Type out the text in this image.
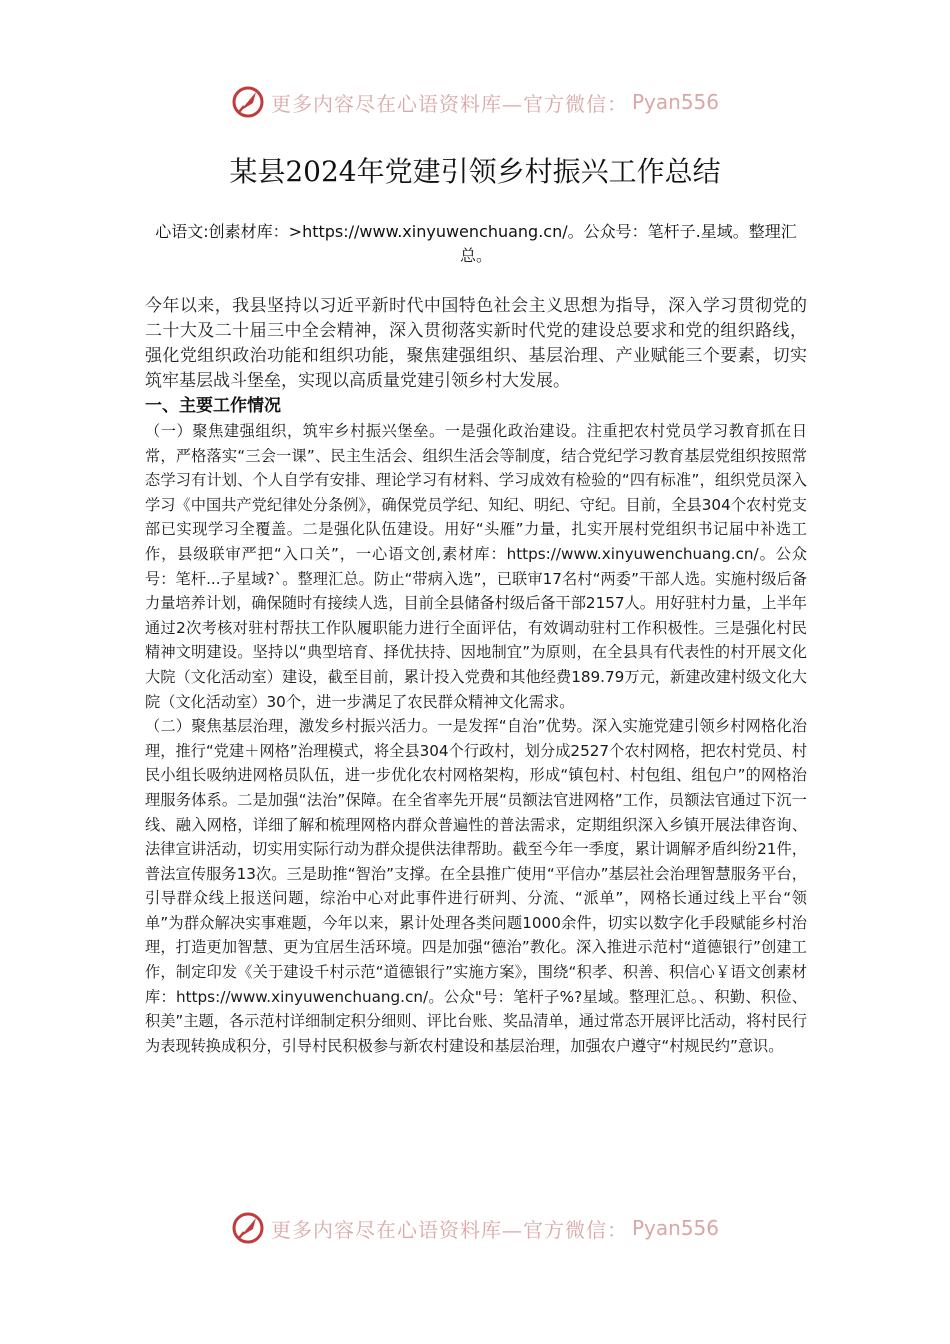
更多内容尽在心语资料库—官方微信： Pyan556
某县2024年党建引领乡村振兴工作总结
心语文:创素材库：>https://www.xinyuwenchuang.cn/。公众号：笔杆子.星域。整理汇总。

今年以来，我县坚持以习近平新时代中国特色社会主义思想为指导，深入学习贯彻党的二十大及二十届三中全会精神，深入贯彻落实新时代党的建设总要求和党的组织路线，强化党组织政治功能和组织功能，聚焦建强组织、基层治理、产业赋能三个要素，切实筑牢基层战斗堡垒，实现以高质量党建引领乡村大发展。

一、主要工作情况

（一）聚焦建强组织，筑牢乡村振兴堡垒。一是强化政治建设。注重把农村党员学习教育抓在日常，严格落实“三会一课”、民主生活会、组织生活会等制度，结合党纪学习教育基层党组织按照常态学习有计划、个人自学有安排、理论学习有材料、学习成效有检验的“四有标准”，组织党员深入学习《中国共产党纪律处分条例》，确保党员学纪、知纪、明纪、守纪。目前，全县304个农村党支部已实现学习全覆盖。二是强化队伍建设。用好“头雁”力量，扎实开展村党组织书记届中补选工作，县级联审严把“入口关”，一心语文创,素材库：https://www.xinyuwenchuang.cn/。公众号：笔杆...子星域?`。整理汇总。防止“带病入选”，已联审17名村“两委”干部人选。实施村级后备力量培养计划，确保随时有接续人选，目前全县储备村级后备干部2157人。用好驻村力量，上半年通过2次考核对驻村帮扶工作队履职能力进行全面评估，有效调动驻村工作积极性。三是强化村民精神文明建设。坚持以“典型培育、择优扶持、因地制宜”为原则，在全县具有代表性的村开展文化大院（文化活动室）建设，截至目前，累计投入党费和其他经费189.79万元，新建改建村级文化大院（文化活动室）30个，进一步满足了农民群众精神文化需求。

（二）聚焦基层治理，激发乡村振兴活力。一是发挥“自治”优势。深入实施党建引领乡村网格化治理，推行“党建＋网格”治理模式，将全县304个行政村，划分成2527个农村网格，把农村党员、村民小组长吸纳进网格员队伍，进一步优化农村网格架构，形成“镇包村、村包组、组包户”的网格治理服务体系。二是加强“法治”保障。在全省率先开展“员额法官进网格”工作，员额法官通过下沉一线、融入网格，详细了解和梳理网格内群众普遍性的普法需求，定期组织深入乡镇开展法律咨询、法律宣讲活动，切实用实际行动为群众提供法律帮助。截至今年一季度，累计调解矛盾纠纷21件，普法宣传服务13次。三是助推“智治”支撑。在全县推广使用“平信办”基层社会治理智慧服务平台，引导群众线上报送问题，综治中心对此事件进行研判、分流、“派单”，网格长通过线上平台“领单”为群众解决实事难题，今年以来，累计处理各类问题1000余件，切实以数字化手段赋能乡村治理，打造更加智慧、更为宜居生活环境。四是加强“德治”教化。深入推进示范村“道德银行”创建工作，制定印发《关于建设千村示范“道德银行”实施方案》，围绕“积孝、积善、积信心￥语文创素材库：https://www.xinyuwenchuang.cn/。公众"号：笔杆子%?星域。整理汇总。、积勤、积俭、积美”主题，各示范村详细制定积分细则、评比台账、奖品清单，通过常态开展评比活动，将村民行为表现转换成积分，引导村民积极参与新农村建设和基层治理，加强农户遵守“村规民约”意识。

更多内容尽在心语资料库—官方微信： Pyan556
